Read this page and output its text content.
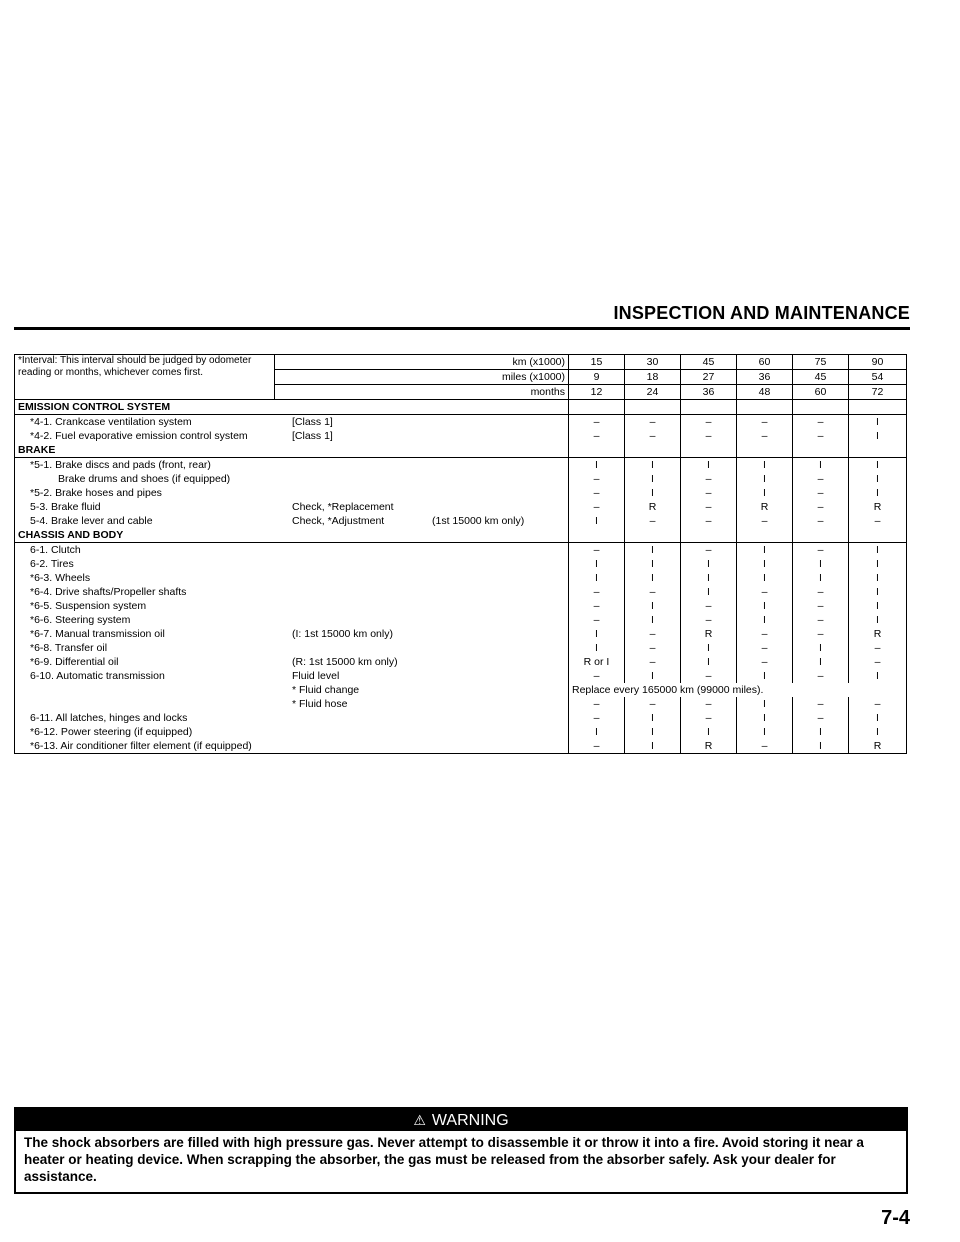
INSPECTION AND MAINTENANCE
*Interval: This interval should be judged by odometer reading or months, whichever comes first.	km (x1000)	15	30	45	60	75	90
	miles (x1000)	9	18	27	36	45	54
	months	12	24	36	48	60	72
EMISSION CONTROL SYSTEM							
*4-1. Crankcase ventilation system [Class 1]		–	–	–	–	–	I
*4-2. Fuel evaporative emission control system [Class 1]		–	–	–	–	–	I
BRAKE							
*5-1. Brake discs and pads (front, rear)		I	I	I	I	I	I
Brake drums and shoes (if equipped)		–	I	–	I	–	I
*5-2. Brake hoses and pipes		–	I	–	I	–	I
5-3. Brake fluid Check, *Replacement		–	R	–	R	–	R
5-4. Brake lever and cable Check, *Adjustment (1st 15000 km only)		I	–	–	–	–	–
CHASSIS AND BODY							
6-1. Clutch		–	I	–	I	–	I
6-2. Tires		I	I	I	I	I	I
*6-3. Wheels		I	I	I	I	I	I
*6-4. Drive shafts/Propeller shafts		–	–	I	–	–	I
*6-5. Suspension system		–	I	–	I	–	I
*6-6. Steering system		–	I	–	I	–	I
*6-7. Manual transmission oil (I: 1st 15000 km only)		I	–	R	–	–	R
*6-8. Transfer oil		I	–	I	–	I	–
*6-9. Differential oil (R: 1st 15000 km only)		R or I	–	I	–	I	–
6-10. Automatic transmission Fluid level		–	I	–	I	–	I
* Fluid change		Replace every 165000 km (99000 miles).					
* Fluid hose		–	–	–	I	–	–
6-11. All latches, hinges and locks		–	I	–	I	–	I
*6-12. Power steering (if equipped)		I	I	I	I	I	I
*6-13. Air conditioner filter element (if equipped)		–	I	R	–	I	R
⚠ WARNING
The shock absorbers are filled with high pressure gas. Never attempt to disassemble it or throw it into a fire. Avoid storing it near a heater or heating device. When scrapping the absorber, the gas must be released from the absorber safely. Ask your dealer for assistance.
7-4
